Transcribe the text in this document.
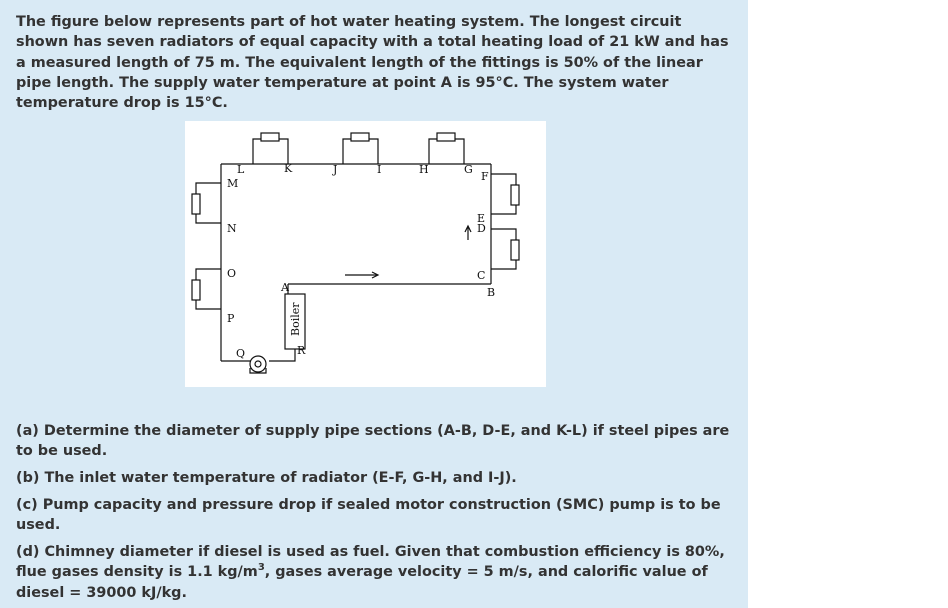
The figure below represents part of hot water heating system. The longest circuit shown has seven radiators of equal capacity with a total heating load of 21 kW and has a measured length of 75 m. The equivalent length of the fittings is 50% of the linear pipe length. The supply water temperature at point A is 95°C. The system water temperature drop is 15°C.

L	K	J	I	H	G
F
M
N
O
P
Q	R
A	B
C
D
E
Boiler

(a) Determine the diameter of supply pipe sections (A-B, D-E, and K-L) if steel pipes are to be used.

(b) The inlet water temperature of radiator (E-F, G-H, and I-J).

(c) Pump capacity and pressure drop if sealed motor construction (SMC) pump is to be used.

(d) Chimney diameter if diesel is used as fuel. Given that combustion efficiency is 80%, flue gases density is 1.1 $kg/m^3$, gases average velocity = 5 m/s, and calorific value of diesel = 39000 kJ/kg.
